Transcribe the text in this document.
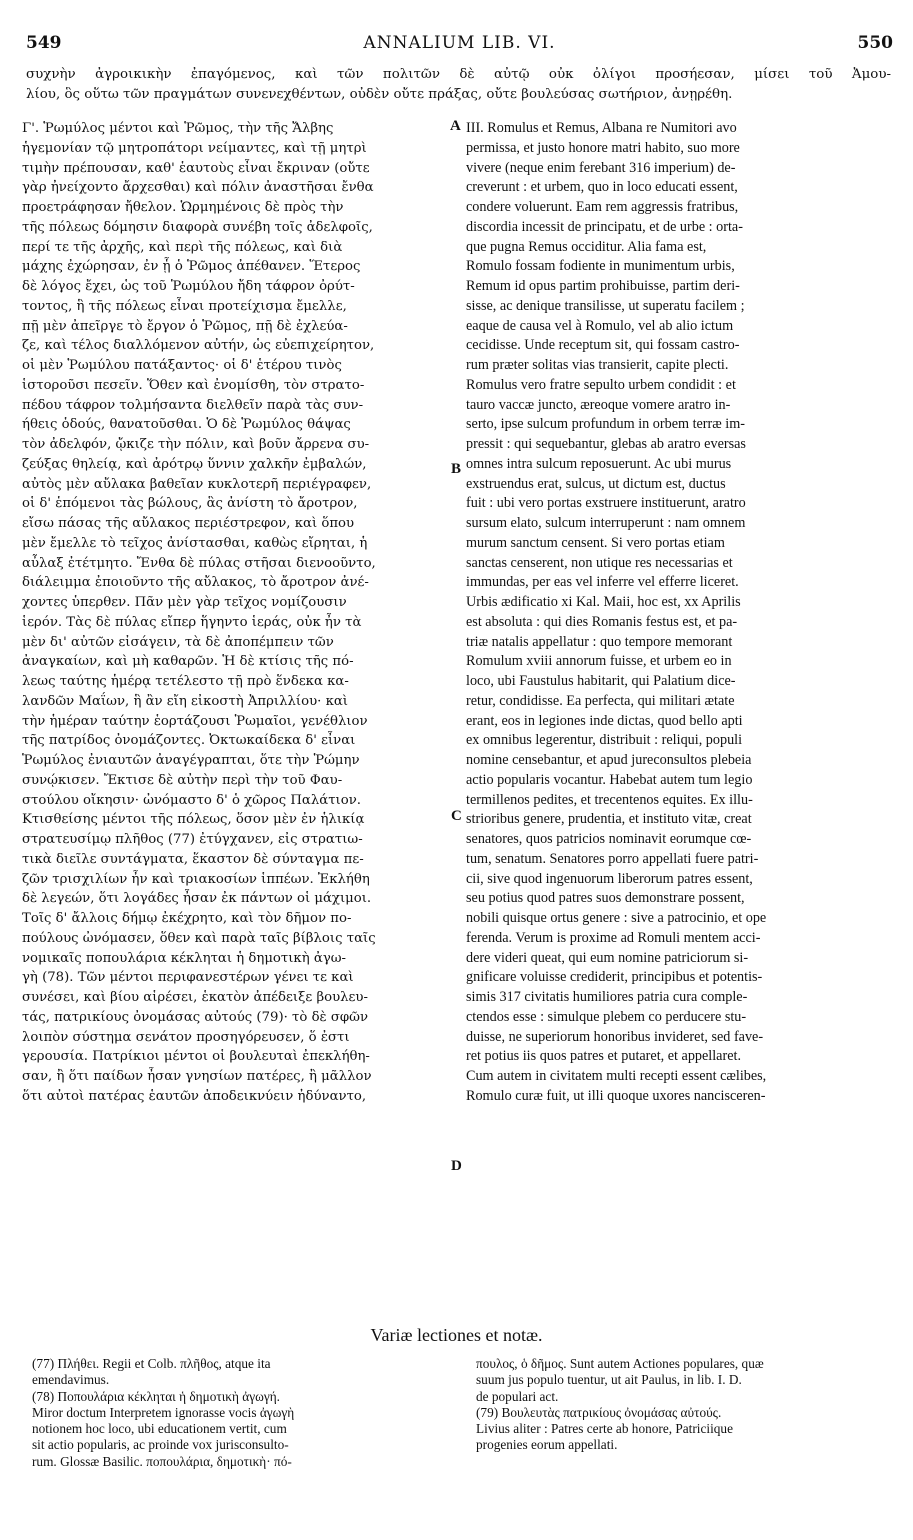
549	ANNALIUM LIB. VI.	550
συχνὴν ἀγροικικὴν ἐπαγόμενος, καὶ τῶν πολιτῶν δὲ αὐτῷ οὐκ ὀλίγοι προσήεσαν, μίσει τοῦ Ἀμου-
λίου, ὃς οὕτω τῶν πραγμάτων συνενεχθέντων, οὐδὲν οὔτε πράξας, οὔτε βουλεύσας σωτήριον, ἀνῃρέθη.
Γ'. Ῥωμύλος μέντοι καὶ Ῥῶμος, τὴν τῆς Ἄλβης
ἡγεμονίαν τῷ μητροπάτορι νείμαντες, καὶ τῇ μητρὶ
τιμὴν πρέπουσαν, καθ' ἑαυτοὺς εἶναι ἔκριναν (οὔτε
γὰρ ἠνείχοντο ἄρχεσθαι) καὶ πόλιν ἀναστῆσαι ἔνθα
προετράφησαν ἤθελον. Ὡρμημένοις δὲ πρὸς τὴν
τῆς πόλεως δόμησιν διαφορὰ συνέβη τοῖς ἀδελφοῖς,
περί τε τῆς ἀρχῆς, καὶ περὶ τῆς πόλεως, καὶ διὰ
μάχης ἐχώρησαν, ἐν ᾗ ὁ Ῥῶμος ἀπέθανεν. Ἕτερος
δὲ λόγος ἔχει, ὡς τοῦ Ῥωμύλου ἤδη τάφρον ὀρύτ-
τοντος, ἣ τῆς πόλεως εἶναι προτείχισμα ἔμελλε,
πῇ μὲν ἀπεῖργε τὸ ἔργον ὁ Ῥῶμος, πῇ δὲ ἐχλεύα-
ζε, καὶ τέλος διαλλόμενον αὐτήν, ὡς εὐεπιχείρητον,
οἱ μὲν Ῥωμύλου πατάξαντος· οἱ δ' ἑτέρου τινὸς
ἱστοροῦσι πεσεῖν. Ὅθεν καὶ ἐνομίσθη, τὸν στρατο-
πέδου τάφρον τολμήσαντα διελθεῖν παρὰ τὰς συν-
ήθεις ὁδούς, θανατοῦσθαι. Ὁ δὲ Ῥωμύλος θάψας
τὸν ἀδελφόν, ᾤκιζε τὴν πόλιν, καὶ βοῦν ἄρρενα συ-
ζεύξας θηλείᾳ, καὶ ἀρότρῳ ὕννιν χαλκῆν ἐμβαλών,
αὐτὸς μὲν αὔλακα βαθεῖαν κυκλοτερῆ περιέγραφεν,
οἱ δ' ἑπόμενοι τὰς βώλους, ἃς ἀνίστη τὸ ἄροτρον,
εἴσω πάσας τῆς αὔλακος περιέστρεφον, καὶ ὅπου
μὲν ἔμελλε τὸ τεῖχος ἀνίστασθαι, καθὼς εἴρηται, ἡ
αὖλαξ ἐτέτμητο. Ἔνθα δὲ πύλας στῆσαι διενοοῦντο,
διάλειμμα ἐποιοῦντο τῆς αὔλακος, τὸ ἄροτρον ἀνέ-
χοντες ὑπερθεν. Πᾶν μὲν γὰρ τεῖχος νομίζουσιν
ἱερόν. Τὰς δὲ πύλας εἴπερ ἥγηντο ἱεράς, οὐκ ἦν τὰ
μὲν δι' αὐτῶν εἰσάγειν, τὰ δὲ ἀποπέμπειν τῶν
ἀναγκαίων, καὶ μὴ καθαρῶν. Ἡ δὲ κτίσις τῆς πό-
λεως ταύτης ἡμέρᾳ τετέλεστο τῇ πρὸ ἕνδεκα κα-
λανδῶν Μαΐων, ἣ ἂν εἴη εἰκοστὴ Ἀπριλλίου· καὶ
τὴν ἡμέραν ταύτην ἑορτάζουσι Ῥωμαῖοι, γενέθλιον
τῆς πατρίδος ὀνομάζοντες. Ὀκτωκαίδεκα δ' εἶναι
Ῥωμύλος ἐνιαυτῶν ἀναγέγραπται, ὅτε τὴν Ῥώμην
συνῴκισεν. Ἔκτισε δὲ αὐτὴν περὶ τὴν τοῦ Φαυ-
στούλου οἴκησιν· ὠνόμαστο δ' ὁ χῶρος Παλάτιον.
Κτισθείσης μέντοι τῆς πόλεως, ὅσον μὲν ἐν ἡλικίᾳ
στρατευσίμῳ πλῆθος (77) ἐτύγχανεν, εἰς στρατιω-
τικὰ διεῖλε συντάγματα, ἕκαστον δὲ σύνταγμα πε-
ζῶν τρισχιλίων ἦν καὶ τριακοσίων ἱππέων. Ἐκλήθη
δὲ λεγεών, ὅτι λογάδες ἦσαν ἐκ πάντων οἱ μάχιμοι.
Τοῖς δ' ἄλλοις δήμῳ ἐκέχρητο, καὶ τὸν δῆμον πο-
πούλους ὠνόμασεν, ὅθεν καὶ παρὰ ταῖς βίβλοις ταῖς
νομικαῖς ποπουλάρια κέκληται ἡ δημοτικὴ ἀγω-
γὴ (78). Τῶν μέντοι περιφανεστέρων γένει τε καὶ
συνέσει, καὶ βίου αἱρέσει, ἑκατὸν ἀπέδειξε βουλευ-
τάς, πατρικίους ὀνομάσας αὐτούς (79)· τὸ δὲ σφῶν
λοιπὸν σύστημα σενάτον προσηγόρευσεν, ὅ ἐστι
γερουσία. Πατρίκιοι μέντοι οἱ βουλευταὶ ἐπεκλήθη-
σαν, ἢ ὅτι παίδων ἦσαν γνησίων πατέρες, ἢ μᾶλλον
ὅτι αὐτοὶ πατέρας ἑαυτῶν ἀποδεικνύειν ἠδύναντο,
III. Romulus et Remus, Albana re Numitori avo
permissa, et justo honore matri habito, suo more
vivere (neque enim ferebant 316 imperium) de-
creverunt : et urbem, quo in loco educati essent,
condere voluerunt. Eam rem aggressis fratribus,
discordia incessit de principatu, et de urbe : orta-
que pugna Remus occiditur. Alia fama est,
Romulo fossam fodiente in munimentum urbis,
Remum id opus partim prohibuisse, partim deri-
sisse, ac denique transilisse, ut superatu facilem ;
eaque de causa vel à Romulo, vel ab alio ictum
cecidisse. Unde receptum sit, qui fossam castro-
rum præter solitas vias transierit, capite plecti.
Romulus vero fratre sepulto urbem condidit : et
tauro vaccæ juncto, æreoque vomere aratro in-
serto, ipse sulcum profundum in orbem terræ im-
pressit : qui sequebantur, glebas ab aratro eversas
omnes intra sulcum reposuerunt. Ac ubi murus
exstruendus erat, sulcus, ut dictum est, ductus
fuit : ubi vero portas exstruere instituerunt, aratro
sursum elato, sulcum interruperunt : nam omnem
murum sanctum censent. Si vero portas etiam
sanctas censerent, non utique res necessarias et
immundas, per eas vel inferre vel efferre liceret.
Urbis ædificatio xi Kal. Maii, hoc est, xx Aprilis
est absoluta : qui dies Romanis festus est, et pa-
triæ natalis appellatur : quo tempore memorant
Romulum xviii annorum fuisse, et urbem eo in
loco, ubi Faustulus habitarit, qui Palatium dice-
retur, condidisse. Ea perfecta, qui militari ætate
erant, eos in legiones inde dictas, quod bello apti
ex omnibus legerentur, distribuit : reliqui, populi
nomine censebantur, et apud jureconsultos plebeia
actio popularis vocantur. Habebat autem tum legio
termillenos pedites, et trecentenos equites. Ex illu-
strioribus genere, prudentia, et instituto vitæ, creat
senatores, quos patricios nominavit eorumque cœ-
tum, senatum. Senatores porro appellati fuere patri-
cii, sive quod ingenuorum liberorum patres essent,
seu potius quod patres suos demonstrare possent,
nobili quisque ortus genere : sive a patrocinio, et ope
ferenda. Verum is proxime ad Romuli mentem acci-
dere videri queat, qui eum nomine patriciorum si-
gnificare voluisse crediderit, principibus et potentis-
simis 317 civitatis humiliores patria cura comple-
ctendos esse : simulque plebem co perducere stu-
duisse, ne superiorum honoribus invideret, sed fave-
ret potius iis quos patres et putaret, et appellaret.
Cum autem in civitatem multi recepti essent cælibes,
Romulo curæ fuit, ut illi quoque uxores nancisceren-
A
B
C
D
Variæ lectiones et notæ.
(77) Πλήθει. Regii et Colb. πλῆθος, atque ita
emendavimus.
(78) Ποπουλάρια κέκληται ἡ δημοτικὴ ἀγωγή.
Miror doctum Interpretem ignorasse vocis ἀγωγὴ
notionem hoc loco, ubi educationem vertit, cum
sit actio popularis, ac proinde vox jurisconsulto-
rum. Glossæ Basilic. ποπουλάρια, δημοτικὴ· πό-
πουλος, ὁ δῆμος. Sunt autem Actiones populares, quæ
suum jus populo tuentur, ut ait Paulus, in lib. I. D.
de populari act.
(79) Βουλευτὰς πατρικίους ὀνομάσας αὐτούς.
Livius aliter : Patres certe ab honore, Patriciique
progenies eorum appellati.
